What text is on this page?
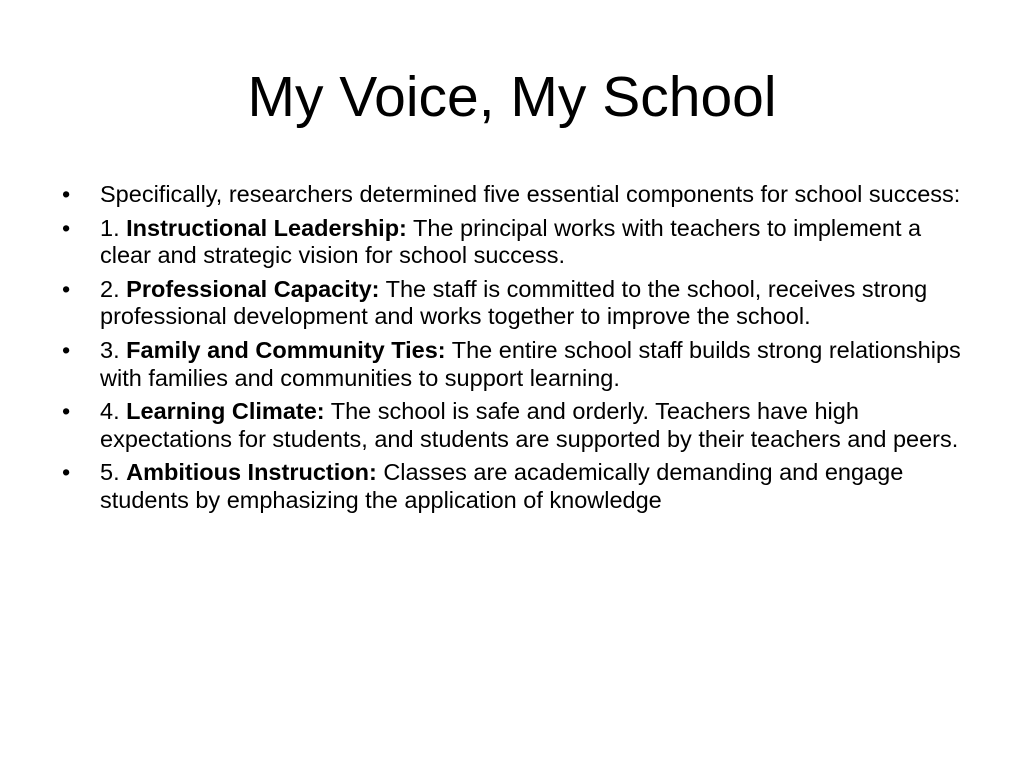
My Voice, My School
• Specifically, researchers determined five essential components for school success:
• 1. Instructional Leadership: The principal works with teachers to implement a clear and strategic vision for school success.
• 2. Professional Capacity: The staff is committed to the school, receives strong professional development and works together to improve the school.
• 3. Family and Community Ties: The entire school staff builds strong relationships with families and communities to support learning.
• 4. Learning Climate: The school is safe and orderly. Teachers have high expectations for students, and students are supported by their teachers and peers.
• 5. Ambitious Instruction: Classes are academically demanding and engage students by emphasizing the application of knowledge
